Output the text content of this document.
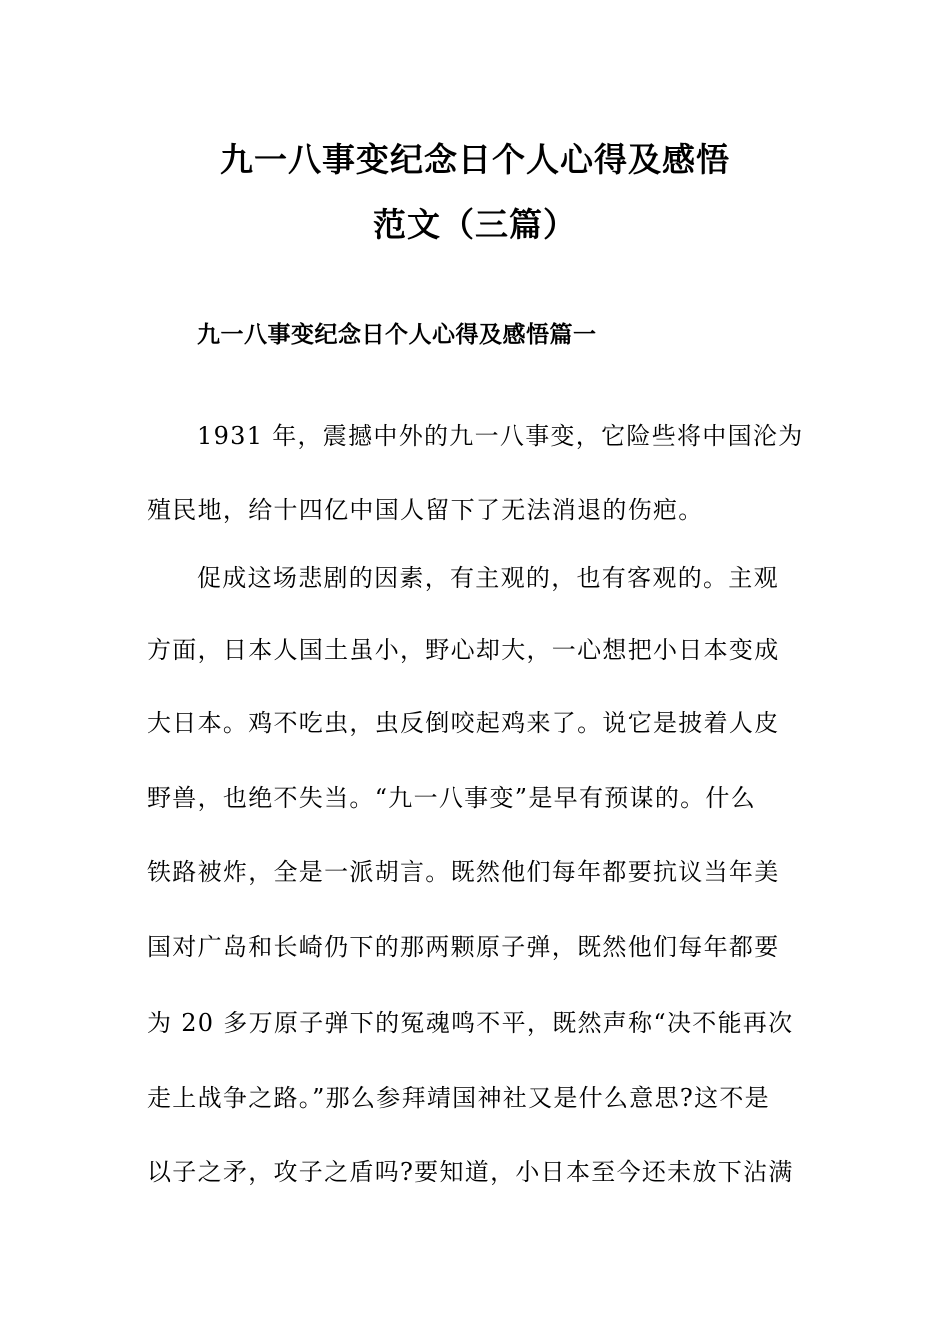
九一八事变纪念日个人心得及感悟
范文（三篇）
九一八事变纪念日个人心得及感悟篇一
1931 年，震撼中外的九一八事变，它险些将中国沦为
殖民地，给十四亿中国人留下了无法消退的伤疤。
促成这场悲剧的因素，有主观的，也有客观的。主观
方面，日本人国土虽小，野心却大，一心想把小日本变成
大日本。鸡不吃虫，虫反倒咬起鸡来了。说它是披着人皮
野兽，也绝不失当。“九一八事变”是早有预谋的。什么
铁路被炸，全是一派胡言。既然他们每年都要抗议当年美
国对广岛和长崎仍下的那两颗原子弹，既然他们每年都要
为 20 多万原子弹下的冤魂鸣不平，既然声称“决不能再次
走上战争之路。”那么参拜靖国神社又是什么意思?这不是
以子之矛，攻子之盾吗?要知道，小日本至今还未放下沾满
